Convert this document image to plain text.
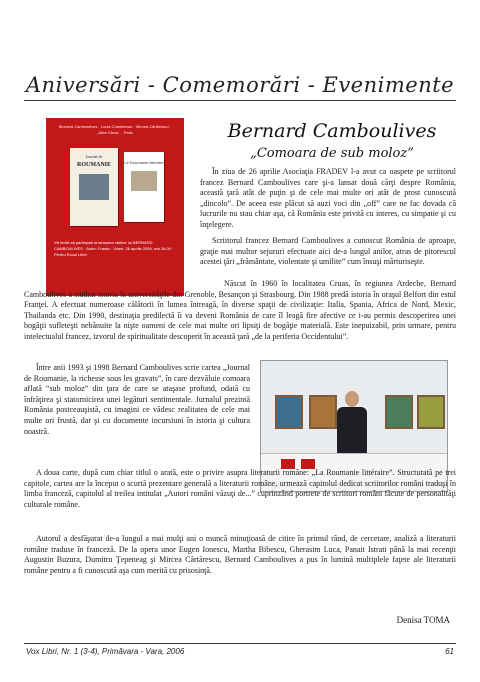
Aniversări - Comemorări - Evenimente
Bernard Camboulives · Louis Chantereau · Mircea Cărtărescu · „Alice Dinca ... Paris
Journal de
ROUMANIE	Le Roumanie littéraire
Vă invită să participați la lansarea cărților lui BERNARD CAMBOULIVES · Autor: Franța · Vineri, 26 aprilie 2006, ora 16.00 · Pentru Ecoul Liber
Bernard Camboulives
„Comoara de sub moloz”

În ziua de 26 aprilie Asociaţia FRADEV l-a avut ca oaspete pe scriitorul francez Bernard Camboulives care şi-a lansat două cărţi despre România, această ţară atât de puţin şi de cele mai multe ori atât de prost cunoscută „dincolo”. De aceea este plăcut să auzi voci din „off” care ne fac dovada că lucrurile nu stau chiar aşa, că România este privită cu interes, cu simpatie şi cu înţelegere.

Scriitorul francez Bernard Camboulives a cunoscut România de aproape, graţie mai multor sejururi efectuate aici de-a lungul anilor, atras de pitorescul acestei ţări „frământate, violentate şi umilite” cum însuşi mărturiseşte.

Născut în 1960 în localitatea Cruas, în regiunea Ardeche, Bernard Camboulives a studiat istoria la universităţile din Grenoble, Besançon şi Strasbourg. Din 1988 predă istoria în oraşul Belfort din estul Franţei. A efectuat numeroase călătorii în lumea întreagă, în diverse spaţii de civilizaţie: Italia, Spania, Africa de Nord, Mexic, Thailanda etc. Din 1990, destinaţia predilectă îi va deveni România de care îl leagă fire afective ce i-au permis descoperirea unei bogăţii sufleteşti nebănuite la nişte oameni de cele mai multe ori lipsiţi de bogăţie materială. Este inepuizabil, prin urmare, pentru intelectualul francez, izvorul de spiritualitate descoperit în această ţară „de la periferia Occidentului”.

Între anii 1993 şi 1998 Bernard Camboulives scrie cartea „Journal de Roumanie, la richesse sous les gravats”, în care dezvăluie comoara aflată “sub moloz” din ţara de care se ataşase profund, odată cu înfrăţirea şi statornicirea unei legături sentimentale. Jurnalul prezintă România postceauşistă, cu imagini ce vădesc realitatea de cele mai multe ori frustă, dar şi cu documente incursiuni în istoria şi cultura noastră.

A doua carte, după cum chiar titlul o arată, este o privire asupra literaturii române: „La Roumanie littéraire”. Structurată pe trei capitole, cartea are la început o scurtă prezentare generală a literaturii române, urmează capitolul dedicat scriitorilor români traduşi în limba franceză, capitolul al treilea intitulat „Autori români văzuţi de...” cuprinzând portrete de scriitori români făcute de personalităţi culturale române.

Autorul a desfăşurat de-a lungul a mai mulţi ani o muncă minuţioasă de citire în primul rând, de cercetare, analiză a literaturii române traduse în franceză. De la opera unor Eugen Ionescu, Martha Bibescu, Gherasim Luca, Panait Istrati până la mai recenţii Augustin Buzura, Dumitru Ţepeneag şi Mircea Cărtărescu, Bernard Camboulives a pus în lumină multiplele faţete ale literaturii române pentru a fi cunoscută aşa cum merită cu prisosinţă.

Denisa TOMA
Vox Libri, Nr. 1 (3-4), Primăvara - Vara, 2006	61
